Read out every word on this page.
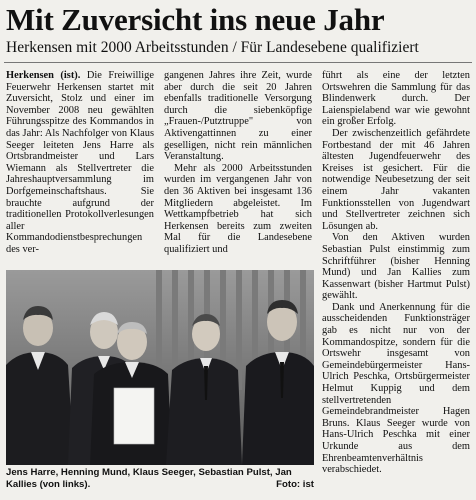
Mit Zuversicht ins neue Jahr
Herkensen mit 2000 Arbeitsstunden / Für Landesebene qualifiziert

Herkensen (ist). Die Freiwillige Feuerwehr Herkensen startet mit Zuversicht, Stolz und einer im November 2008 neu gewählten Führungsspitze des Kommandos in das Jahr: Als Nachfolger von Klaus Seeger leiteten Jens Harre als Ortsbrandmeister und Lars Wiemann als Stellvertreter die Jahreshauptversammlung im Dorfgemeinschaftshaus. Sie brauchte aufgrund der traditionellen Protokollverlesungen aller Kommandodienstbesprechungen des ver-

gangenen Jahres ihre Zeit, wurde aber durch die seit 20 Jahren ebenfalls traditionelle Versorgung durch die siebenköpfige „Frauen-/Putztruppe" von Aktivengattinnen zu einer geselligen, nicht rein männlichen Veranstaltung.

Mehr als 2000 Arbeitsstunden wurden im vergangenen Jahr von den 36 Aktiven bei insgesamt 136 Mitgliedern abgeleistet. Im Wettkampfbetrieb hat sich Herkensen bereits zum zweiten Mal für die Landesebene qualifiziert und

führt als eine der letzten Ortswehren die Sammlung für das Blindenwerk durch. Der Laienspielabend war wie gewohnt ein großer Erfolg.

Der zwischenzeitlich gefährdete Fortbestand der mit 46 Jahren ältesten Jugendfeuerwehr des Kreises ist gesichert. Für die notwendige Neubesetzung der seit einem Jahr vakanten Funktionsstellen von Jugendwart und Stellvertreter zeichnen sich Lösungen ab.

Von den Aktiven wurden Sebastian Pulst einstimmig zum Schriftführer (bisher Henning Mund) und Jan Kallies zum Kassenwart (bisher Hartmut Pulst) gewählt.

Dank und Anerkennung für die ausscheidenden Funktionsträger gab es nicht nur von der Kommandospitze, sondern für die Ortswehr insgesamt von Gemeindebürgermeister Hans-Ulrich Peschka, Ortsbürgermeister Helmut Kuppig und dem stellvertretenden Gemeindebrandmeister Hagen Bruns. Klaus Seeger wurde von Hans-Ulrich Peschka mit einer Urkunde aus dem Ehrenbeamtenverhältnis verabschiedet.

Jens Harre, Henning Mund, Klaus Seeger, Sebastian Pulst, Jan Kallies (von links).	Foto: ist
